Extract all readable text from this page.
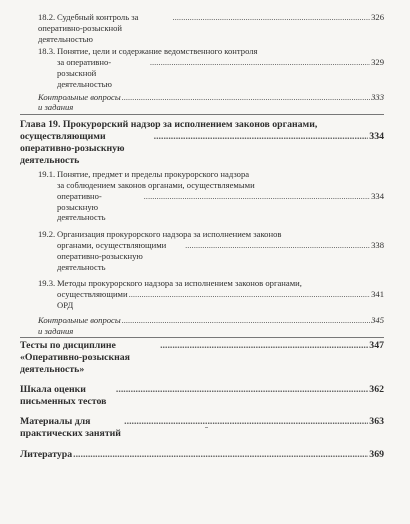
18.2. Судебный контроль за оперативно-розыскной деятельностью
.....
326
18.3. Понятие, цели и содержание ведомственного контроля
за оперативно-розыскной деятельностью
.....
329
Контрольные вопросы и задания
.....
333
Глава 19. Прокурорский надзор за исполнением законов органами,
осуществляющими оперативно-розыскную деятельность
.....
334
19.1. Понятие, предмет и пределы прокурорского надзора
за соблюдением законов органами, осуществляемыми
оперативно-розыскную деятельность
.....
334
19.2. Организация прокурорского надзора за исполнением законов
органами, осуществляющими оперативно-розыскную деятельность
.....
338
19.3. Методы прокурорского надзора за исполнением законов органами,
осуществляющими ОРД
.....
341
Контрольные вопросы и задания
.....
345
Тесты по дисциплине «Оперативно-розыскная деятельность»
.....
347
Шкала оценки письменных тестов
.....
362
Материалы для практических занятий
.....
363
Литература
.....	369
